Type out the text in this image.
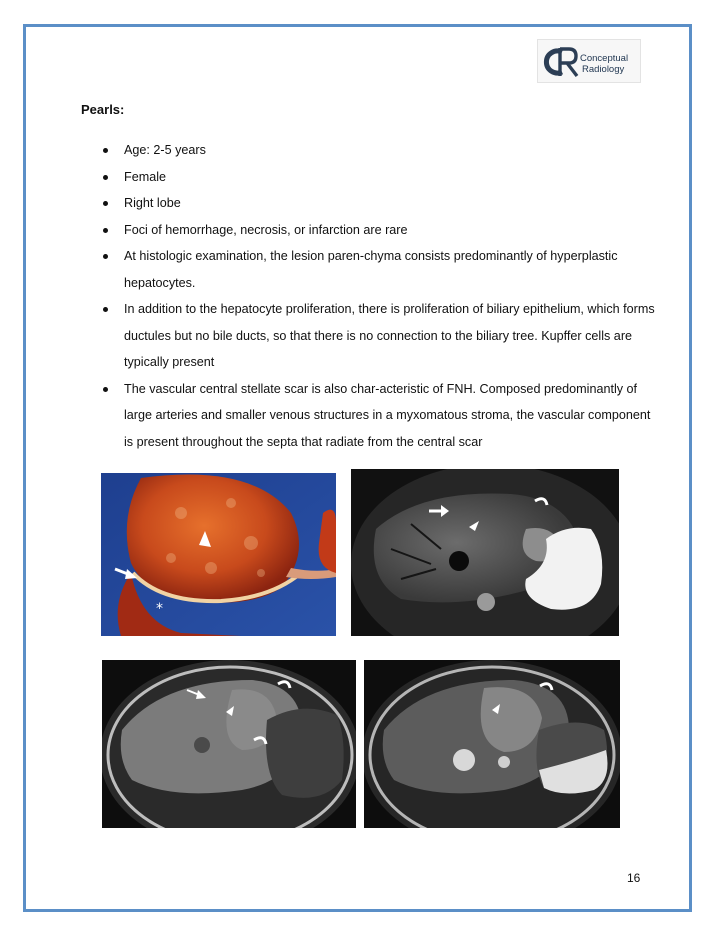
Conceptual
Radiology
Pearls:
Age: 2-5 years
Female
Right lobe
Foci of hemorrhage, necrosis, or infarction are rare
At histologic examination, the lesion paren-chyma consists predominantly of hyperplastic hepatocytes.
In addition to the hepatocyte proliferation, there is proliferation of biliary epithelium, which forms ductules but no bile ducts, so that there is no connection to the biliary tree. Kupffer cells are typically present
The vascular central stellate scar is also char-acteristic of FNH. Composed predominantly of large arteries and smaller venous structures in a myxomatous stroma, the vascular component is present throughout the septa that radiate from the central scar
*
16
